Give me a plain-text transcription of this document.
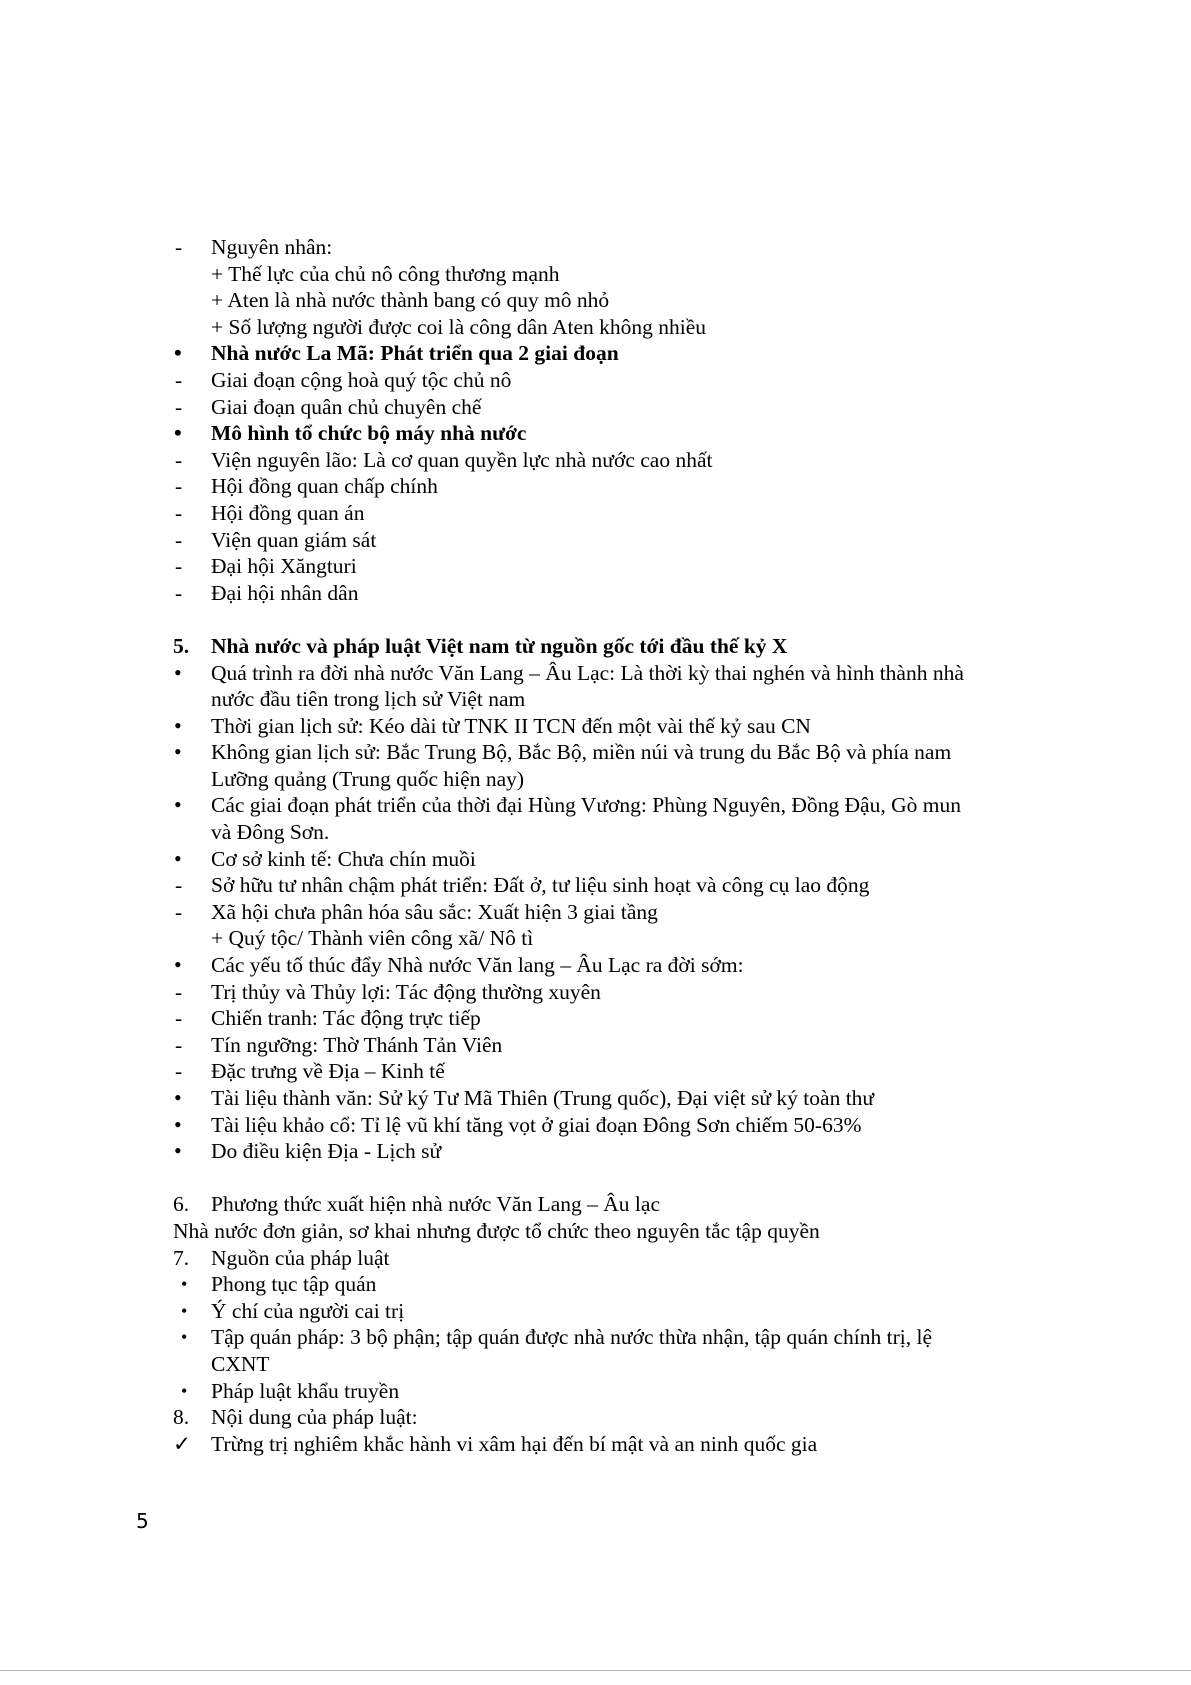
-	Nguyên nhân:
+ Thế lực của chủ nô công thương mạnh
+ Aten là nhà nước thành bang có quy mô nhỏ
+ Số lượng người được coi là công dân Aten không nhiều
•	Nhà nước La Mã: Phát triển qua 2 giai đoạn
-	Giai đoạn cộng hoà quý tộc chủ nô
-	Giai đoạn quân chủ chuyên chế
•	Mô hình tổ chức bộ máy nhà nước
-	Viện nguyên lão: Là cơ quan quyền lực nhà nước cao nhất
-	Hội đồng quan chấp chính
-	Hội đồng quan án
-	Viện quan giám sát
-	Đại hội Xăngturi
-	Đại hội nhân dân
5.	Nhà nước và pháp luật Việt nam từ nguồn gốc tới đầu thế kỷ X
•	Quá trình ra đời nhà nước Văn Lang – Âu Lạc: Là thời kỳ thai nghén và hình thành nhà
nước đầu tiên trong lịch sử Việt nam
•	Thời gian lịch sử: Kéo dài từ TNK II TCN đến một vài thế kỷ sau CN
•	Không gian lịch sử: Bắc Trung Bộ, Bắc Bộ, miền núi và trung du Bắc Bộ và phía nam
Lưỡng quảng (Trung quốc hiện nay)
•	Các giai đoạn phát triển của thời đại Hùng Vương: Phùng Nguyên, Đồng Đậu, Gò mun
và Đông Sơn.
•	Cơ sở kinh tế: Chưa chín muồi
-	Sở hữu tư nhân chậm phát triển: Đất ở, tư liệu sinh hoạt và công cụ lao động
-	Xã hội chưa phân hóa sâu sắc: Xuất hiện 3 giai tầng
+ Quý tộc/ Thành viên công xã/ Nô tì
•	Các yếu tố thúc đẩy Nhà nước Văn lang – Âu Lạc ra đời sớm:
-	Trị thủy và Thủy lợi: Tác động thường xuyên
-	Chiến tranh: Tác động trực tiếp
-	Tín ngưỡng: Thờ Thánh Tản Viên
-	Đặc trưng về Địa – Kinh tế
•	Tài liệu thành văn: Sử ký Tư Mã Thiên (Trung quốc), Đại việt sử ký toàn thư
•	Tài liệu khảo cổ: Tỉ lệ vũ khí tăng vọt ở giai đoạn Đông Sơn chiếm 50-63%
•	Do điều kiện Địa - Lịch sử
6.	Phương thức xuất hiện nhà nước Văn Lang – Âu lạc
Nhà nước đơn giản, sơ khai nhưng được tổ chức theo nguyên tắc tập quyền
7.	Nguồn của pháp luật
•	Phong tục tập quán
•	Ý chí của người cai trị
•	Tập quán pháp: 3 bộ phận; tập quán được nhà nước thừa nhận, tập quán chính trị, lệ
CXNT
•	Pháp luật khẩu truyền
8.	Nội dung của pháp luật:
✓ Trừng trị nghiêm khắc hành vi xâm hại đến bí mật và an ninh quốc gia
5
